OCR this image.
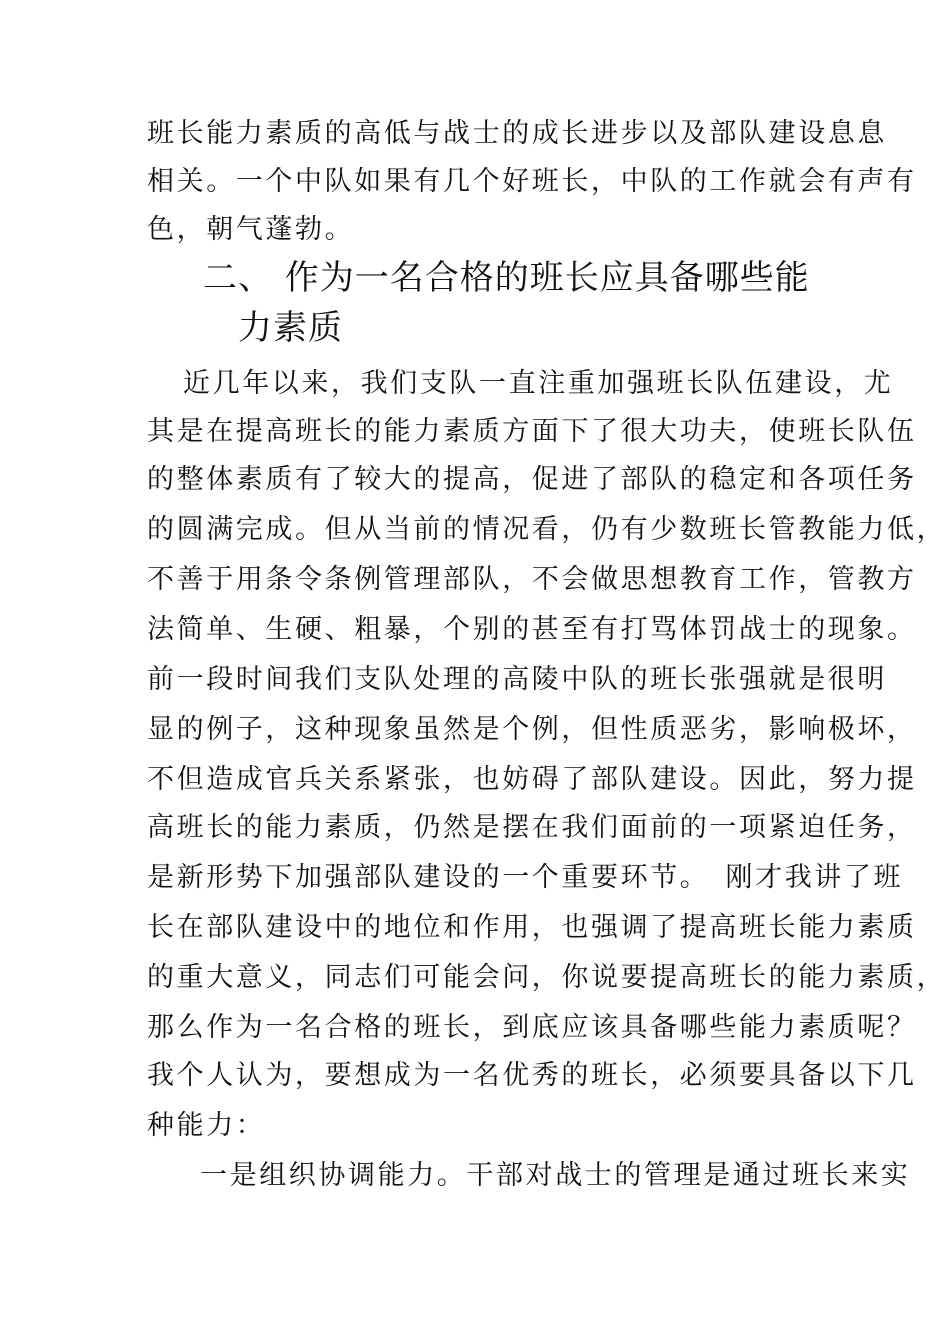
班长能力素质的高低与战士的成长进步以及部队建设息息
相关。一个中队如果有几个好班长，中队的工作就会有声有
色，朝气蓬勃。
二、 作为一名合格的班长应具备哪些能
力素质
近几年以来，我们支队一直注重加强班长队伍建设，尤
其是在提高班长的能力素质方面下了很大功夫，使班长队伍
的整体素质有了较大的提高，促进了部队的稳定和各项任务
的圆满完成。但从当前的情况看，仍有少数班长管教能力低，
不善于用条令条例管理部队，不会做思想教育工作，管教方
法简单、生硬、粗暴，个别的甚至有打骂体罚战士的现象。
前一段时间我们支队处理的高陵中队的班长张强就是很明
显的例子，这种现象虽然是个例，但性质恶劣，影响极坏，
不但造成官兵关系紧张，也妨碍了部队建设。因此，努力提
高班长的能力素质，仍然是摆在我们面前的一项紧迫任务，
是新形势下加强部队建设的一个重要环节。　刚才我讲了班
长在部队建设中的地位和作用，也强调了提高班长能力素质
的重大意义，同志们可能会问，你说要提高班长的能力素质，
那么作为一名合格的班长，到底应该具备哪些能力素质呢？
我个人认为，要想成为一名优秀的班长，必须要具备以下几
种能力：
一是组织协调能力。干部对战士的管理是通过班长来实
